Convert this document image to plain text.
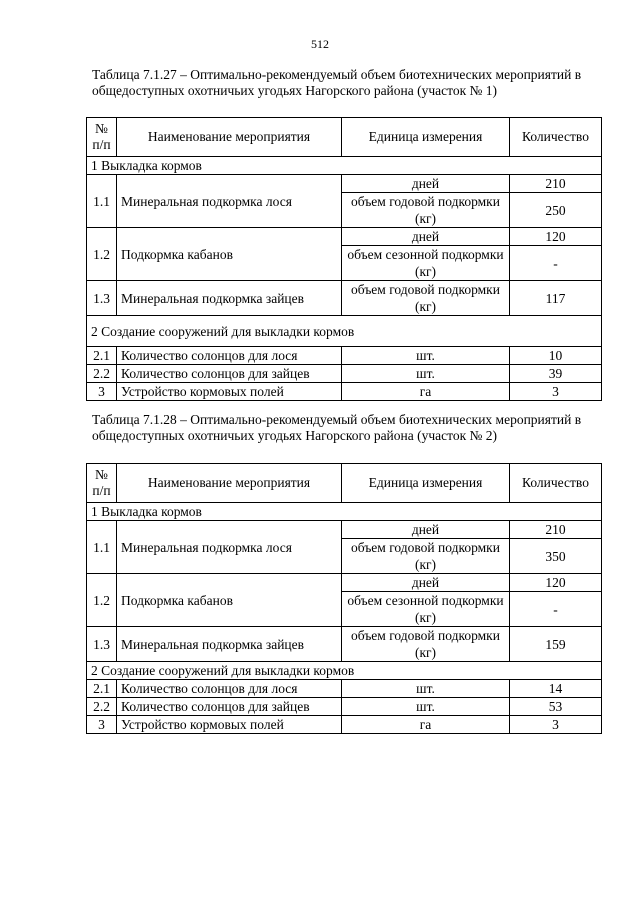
512
Таблица 7.1.27 – Оптимально-рекомендуемый объем биотехнических мероприятий в общедоступных охотничьих угодьях Нагорского района (участок № 1)
№ п/п	Наименование мероприятия	Единица измерения	Количество
1 Выкладка кормов			
1.1	Минеральная подкормка лося	дней	210
		объем годовой подкормки (кг)	250
1.2	Подкормка кабанов	дней	120
		объем сезонной подкормки (кг)	-
1.3	Минеральная подкормка зайцев	объем годовой подкормки (кг)	117
2 Создание сооружений для выкладки кормов			
2.1	Количество солонцов для лося	шт.	10
2.2	Количество солонцов для зайцев	шт.	39
3	Устройство кормовых полей	га	3
Таблица 7.1.28 – Оптимально-рекомендуемый объем биотехнических мероприятий в общедоступных охотничьих угодьях Нагорского района (участок № 2)
№ п/п	Наименование мероприятия	Единица измерения	Количество
1 Выкладка кормов			
1.1	Минеральная подкормка лося	дней	210
		объем годовой подкормки (кг)	350
1.2	Подкормка кабанов	дней	120
		объем сезонной подкормки (кг)	-
1.3	Минеральная подкормка зайцев	объем годовой подкормки (кг)	159
2 Создание сооружений для выкладки кормов			
2.1	Количество солонцов для лося	шт.	14
2.2	Количество солонцов для зайцев	шт.	53
3	Устройство кормовых полей	га	3
